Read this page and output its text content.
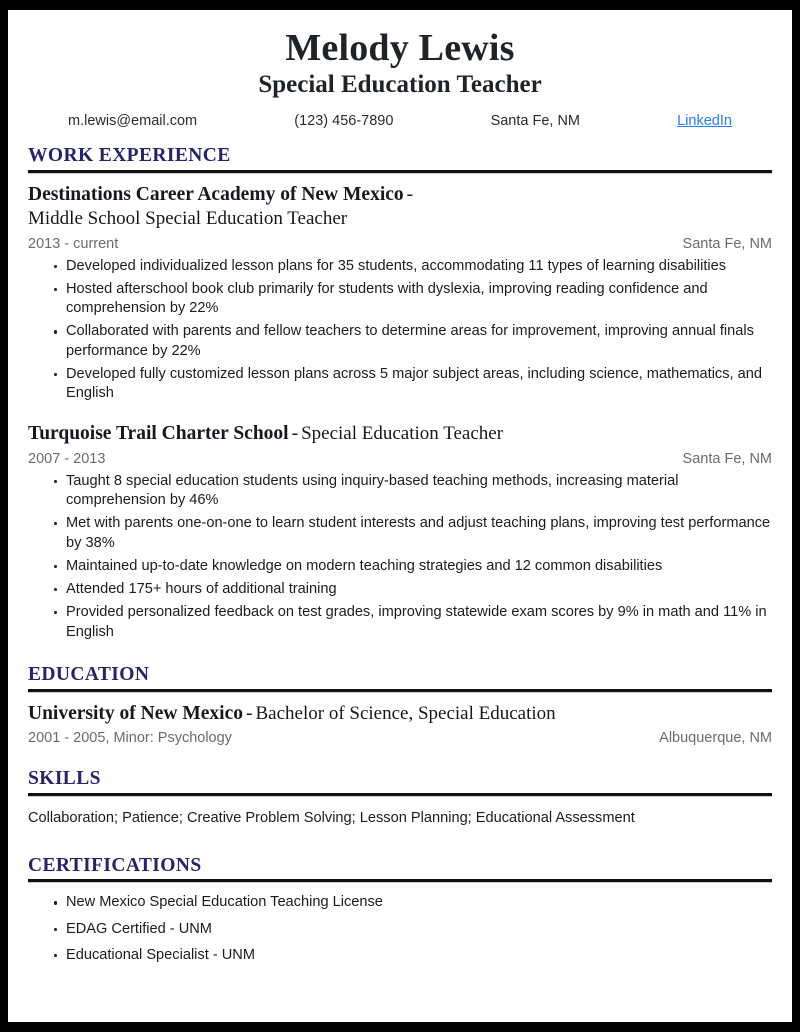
Melody Lewis
Special Education Teacher
m.lewis@email.com	(123) 456-7890	Santa Fe, NM	LinkedIn
WORK EXPERIENCE
Destinations Career Academy of New Mexico -
Middle School Special Education Teacher
2013 - current	Santa Fe, NM
Developed individualized lesson plans for 35 students, accommodating 11 types of learning disabilities
Hosted afterschool book club primarily for students with dyslexia, improving reading confidence and comprehension by 22%
Collaborated with parents and fellow teachers to determine areas for improvement, improving annual finals performance by 22%
Developed fully customized lesson plans across 5 major subject areas, including science, mathematics, and English
Turquoise Trail Charter School - Special Education Teacher
2007 - 2013	Santa Fe, NM
Taught 8 special education students using inquiry-based teaching methods, increasing material comprehension by 46%
Met with parents one-on-one to learn student interests and adjust teaching plans, improving test performance by 38%
Maintained up-to-date knowledge on modern teaching strategies and 12 common disabilities
Attended 175+ hours of additional training
Provided personalized feedback on test grades, improving statewide exam scores by 9% in math and 11% in English
EDUCATION
University of New Mexico - Bachelor of Science, Special Education
2001 - 2005, Minor: Psychology	Albuquerque, NM
SKILLS
Collaboration; Patience; Creative Problem Solving; Lesson Planning; Educational Assessment
CERTIFICATIONS
New Mexico Special Education Teaching License
EDAG Certified - UNM
Educational Specialist - UNM
